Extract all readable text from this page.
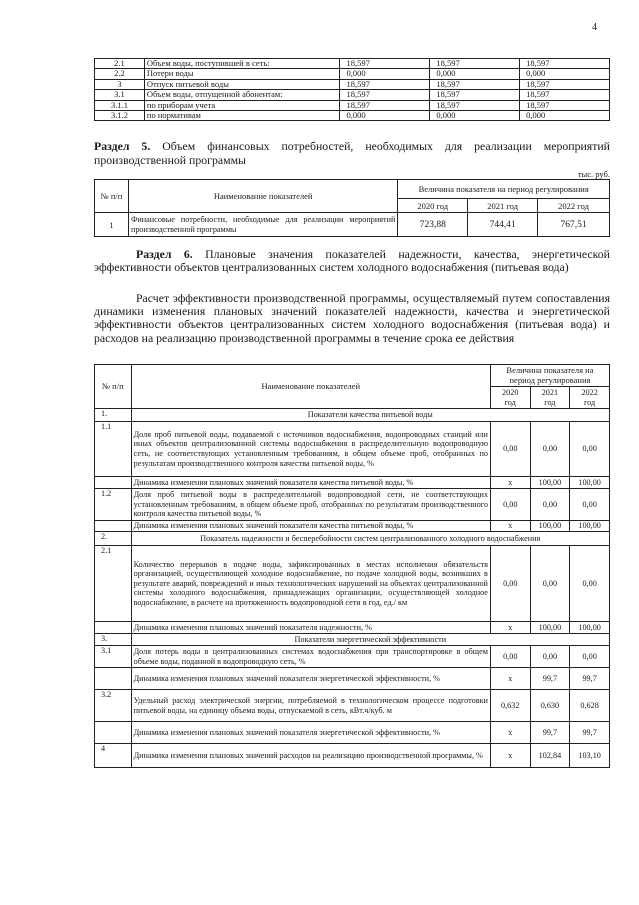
4
2.1	Объем воды, поступившей в сеть:	18,597	18,597	18,597
2.2	Потери воды	0,000	0,000	0,000
3	Отпуск питьевой воды	18,597	18,597	18,597
3.1	Объем воды, отпущенной абонентам:	18,597	18,597	18,597
3.1.1	по приборам учета	18,597	18,597	18,597
3.1.2	по нормативам	0,000	0,000	0,000
Раздел 5. Объем финансовых потребностей, необходимых для реализации мероприятий производственной программы
тыс. руб.
№ п/п	Наименование показателей	Величина показателя на период регулирования		
		2020 год	2021 год	2022 год
1	Финансовые потребности, необходимые для реализации мероприятий производственной программы	723,88	744,41	767,51
Раздел 6. Плановые значения показателей надежности, качества, энергетической эффективности объектов централизованных систем холодного водоснабжения (питьевая вода)
Расчет эффективности производственной программы, осуществляемый путем сопоставления динамики изменения плановых значений показателей надежности, качества и энергетической эффективности объектов централизованных систем холодного водоснабжения (питьевая вода) и расходов на реализацию производственной программы в течение срока ее действия
№ п/п	Наименование показателей	Величина показателя на период регулирования		
		2020
год	2021
год	2022
год
1.	Показатели качества питьевой воды			
1.1	Доля проб питьевой воды, подаваемой с источников водоснабжения, водопроводных станций или иных объектов централизованной системы водоснабжения в распределительную водопроводную сеть, не соответствующих установленным требованиям, в общем объеме проб, отобранных по результатам производственного контроля качества питьевой воды, %	0,00	0,00	0,00
	Динамика изменения плановых значений показателя качества питьевой воды, %	х	100,00	100,00
1.2	Доля проб питьевой воды в распределительной водопроводной сети, не соответствующих установленным требованиям, в общем объеме проб, отобранных по результатам производственного контроля качества питьевой воды, %	0,00	0,00	0,00
	Динамика изменения плановых значений показателя качества питьевой воды, %	х	100,00	100,00
2.	Показатель надежности и бесперебойности систем централизованного холодного водоснабжения			
2.1	Количество перерывов в подаче воды, зафиксированных в местах исполнения обязательств организацией, осуществляющей холодное водоснабжение, по подаче холодной воды, возникших в результате аварий, повреждений и иных технологических нарушений на объектах централизованной системы холодного водоснабжения, принадлежащих организации, осуществляющей холодное водоснабжение, в расчете на протяженность водопроводной сети в год, ед./ км	0,00	0,00	0,00
	Динамика изменения плановых значений показателя надежности, %	х	100,00	100,00
3.	Показатели энергетической эффективности			
3.1	Доля потерь воды в централизованных системах водоснабжения при транспортировке в общем объеме воды, поданной в водопроводную сеть, %	0,00	0,00	0,00
	Динамика изменения плановых значений показателя энергетической эффективности, %	х	99,7	99,7
3.2	Удельный расход электрической энергии, потребляемой в технологическом процессе подготовки питьевой воды, на единицу объема воды, отпускаемой в сеть, кВт.ч/куб. м	0,632	0,630	0,628
	Динамика изменения плановых значений показателя энергетической эффективности, %	х	99,7	99,7
4	Динамика изменения плановых значений расходов на реализацию производственной программы, %	х	102,84	103,10
